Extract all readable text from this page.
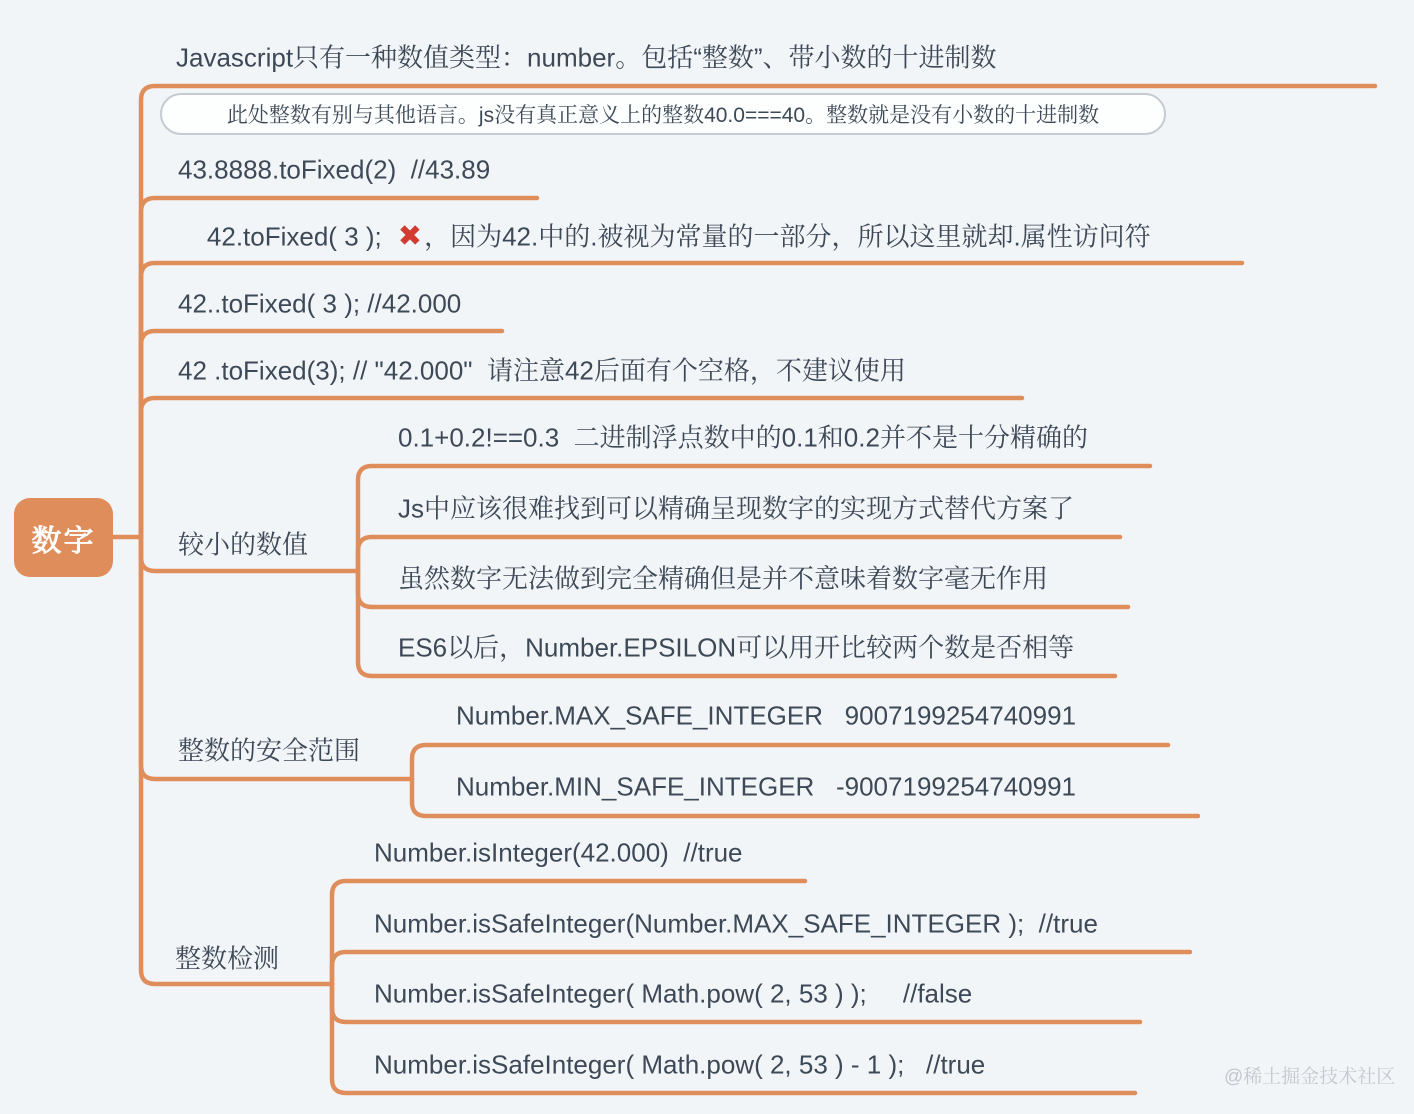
数字
Javascript只有一种数值类型：number。包括“整数”、带小数的十进制数
此处整数有别与其他语言。js没有真正意义上的整数40.0===40。整数就是没有小数的十进制数
43.8888.toFixed(2)  //43.89

42.toFixed( 3 ); ✖ ，因为42.中的.被视为常量的一部分，所以这里就却.属性访问符

42..toFixed( 3 ); //42.000
42 .toFixed(3); // "42.000"  请注意42后面有个空格，不建议使用
较小的数值
0.1+0.2!==0.3  二进制浮点数中的0.1和0.2并不是十分精确的
Js中应该很难找到可以精确呈现数字的实现方式替代方案了
虽然数字无法做到完全精确但是并不意味着数字毫无作用
ES6以后，Number.EPSILON可以用开比较两个数是否相等
整数的安全范围
Number.MAX_SAFE_INTEGER   9007199254740991
Number.MIN_SAFE_INTEGER   -9007199254740991
整数检测
Number.isInteger(42.000)  //true
Number.isSafeInteger(Number.MAX_SAFE_INTEGER );  //true
Number.isSafeInteger( Math.pow( 2, 53 ) );     //false
Number.isSafeInteger( Math.pow( 2, 53 ) - 1 );   //true	@稀土掘金技术社区
